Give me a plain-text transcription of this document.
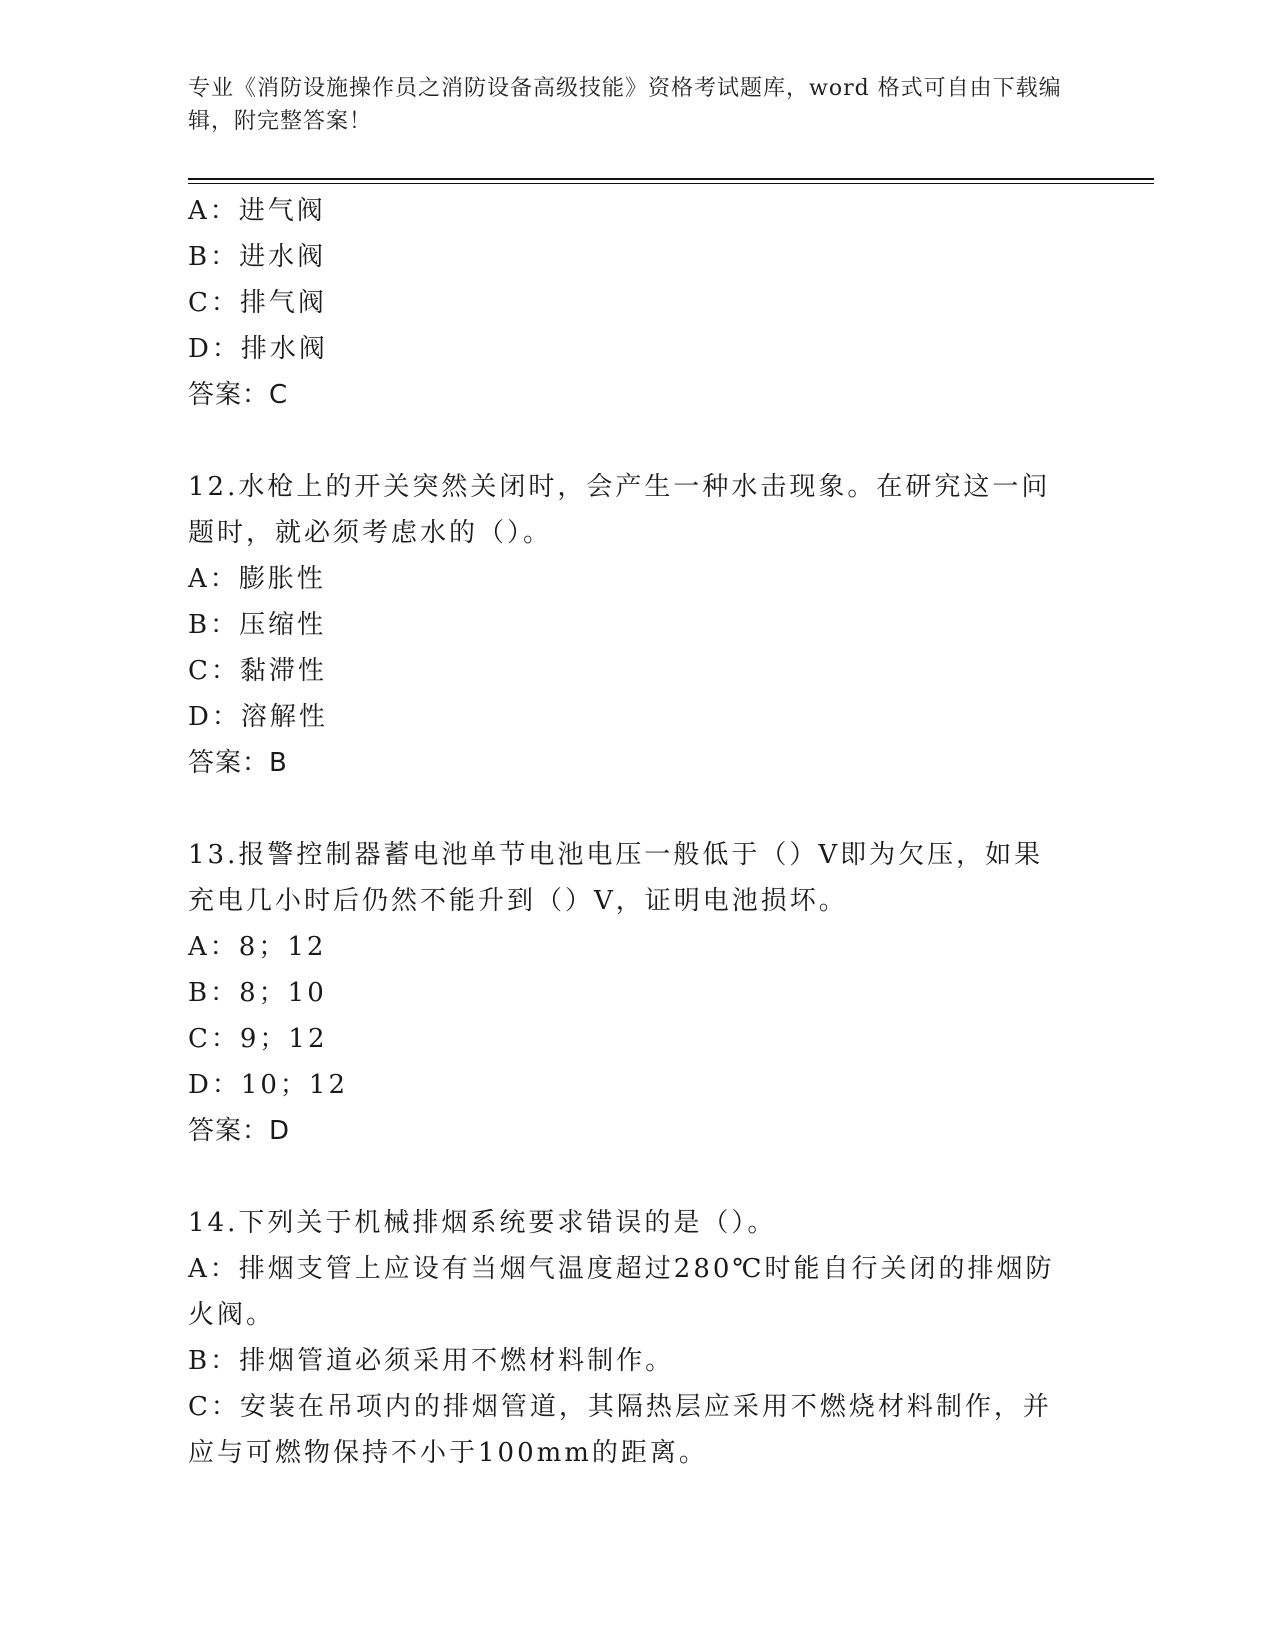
专业《消防设施操作员之消防设备高级技能》资格考试题库，word 格式可自由下载编辑，附完整答案！
A：进气阀
B：进水阀
C：排气阀
D：排水阀
答案：C
12.水枪上的开关突然关闭时，会产生一种水击现象。在研究这一问题时，就必须考虑水的（）。
A：膨胀性
B：压缩性
C：黏滞性
D：溶解性
答案：B
13.报警控制器蓄电池单节电池电压一般低于（）V即为欠压，如果充电几小时后仍然不能升到（）V，证明电池损坏。
A：8；12
B：8；10
C：9；12
D：10；12
答案：D
14.下列关于机械排烟系统要求错误的是（）。
A：排烟支管上应设有当烟气温度超过280℃时能自行关闭的排烟防火阀。
B：排烟管道必须采用不燃材料制作。
C：安装在吊项内的排烟管道，其隔热层应采用不燃烧材料制作，并应与可燃物保持不小于100mm的距离。
